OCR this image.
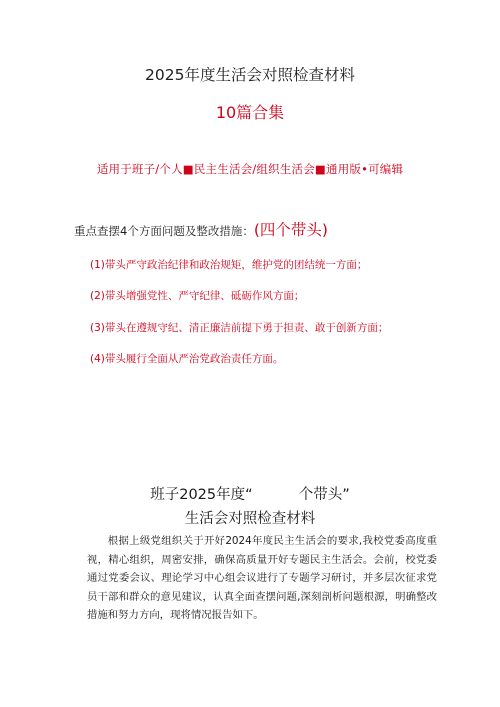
2025年度生活会对照检查材料
10篇合集
适用于班子/个人■民主生活会/组织生活会■通用版•可编辑
重点查摆4个方面问题及整改措施：(四个带头)
(1)带头严守政治纪律和政治规矩，维护党的团结统一方面；
(2)带头增强党性、严守纪律、砥砺作风方面；
(3)带头在遵规守纪、清正廉洁前提下勇于担责、敢于创新方面；
(4)带头履行全面从严治党政治责任方面。
班子2025年度“          个带头”
生活会对照检查材料
根据上级党组织关于开好2024年度民主生活会的要求,我校党委高度重视，精心组织，周密安排，确保高质量开好专题民主生活会。会前，校党委通过党委会议、理论学习中心组会议进行了专题学习研讨，并多层次征求党员干部和群众的意见建议，认真全面查摆问题,深刻剖析问题根源，明确整改措施和努力方向，现将情况报告如下。
